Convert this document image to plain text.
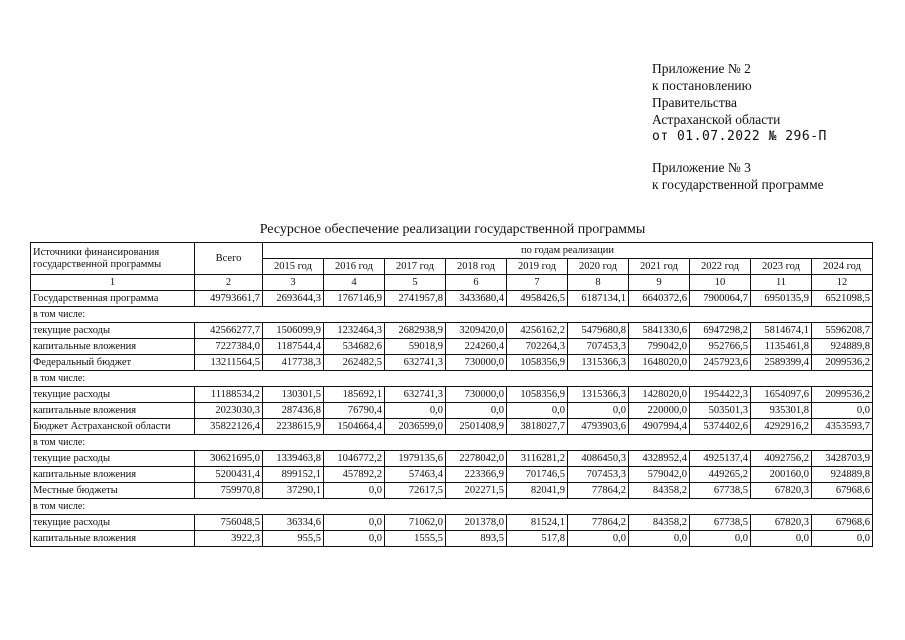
Приложение № 2
к постановлению
Правительства
Астраханской области
от 01.07.2022 № 296-П
Приложение № 3
к государственной программе
Ресурсное обеспечение реализации государственной программы
Источники финансирования государственной программы	Всего	по годам реализации									
		2015 год	2016 год	2017 год	2018 год	2019 год	2020 год	2021 год	2022 год	2023 год	2024 год
1	2	3	4	5	6	7	8	9	10	11	12
Государственная программа	49793661,7	2693644,3	1767146,9	2741957,8	3433680,4	4958426,5	6187134,1	6640372,6	7900064,7	6950135,9	6521098,5
в том числе:											
текущие расходы	42566277,7	1506099,9	1232464,3	2682938,9	3209420,0	4256162,2	5479680,8	5841330,6	6947298,2	5814674,1	5596208,7
капитальные вложения	7227384,0	1187544,4	534682,6	59018,9	224260,4	702264,3	707453,3	799042,0	952766,5	1135461,8	924889,8
Федеральный бюджет	13211564,5	417738,3	262482,5	632741,3	730000,0	1058356,9	1315366,3	1648020,0	2457923,6	2589399,4	2099536,2
в том числе:											
текущие расходы	11188534,2	130301,5	185692,1	632741,3	730000,0	1058356,9	1315366,3	1428020,0	1954422,3	1654097,6	2099536,2
капитальные вложения	2023030,3	287436,8	76790,4	0,0	0,0	0,0	0,0	220000,0	503501,3	935301,8	0,0
Бюджет Астраханской области	35822126,4	2238615,9	1504664,4	2036599,0	2501408,9	3818027,7	4793903,6	4907994,4	5374402,6	4292916,2	4353593,7
в том числе:											
текущие расходы	30621695,0	1339463,8	1046772,2	1979135,6	2278042,0	3116281,2	4086450,3	4328952,4	4925137,4	4092756,2	3428703,9
капитальные вложения	5200431,4	899152,1	457892,2	57463,4	223366,9	701746,5	707453,3	579042,0	449265,2	200160,0	924889,8
Местные бюджеты	759970,8	37290,1	0,0	72617,5	202271,5	82041,9	77864,2	84358,2	67738,5	67820,3	67968,6
в том числе:											
текущие расходы	756048,5	36334,6	0,0	71062,0	201378,0	81524,1	77864,2	84358,2	67738,5	67820,3	67968,6
капитальные вложения	3922,3	955,5	0,0	1555,5	893,5	517,8	0,0	0,0	0,0	0,0	0,0
